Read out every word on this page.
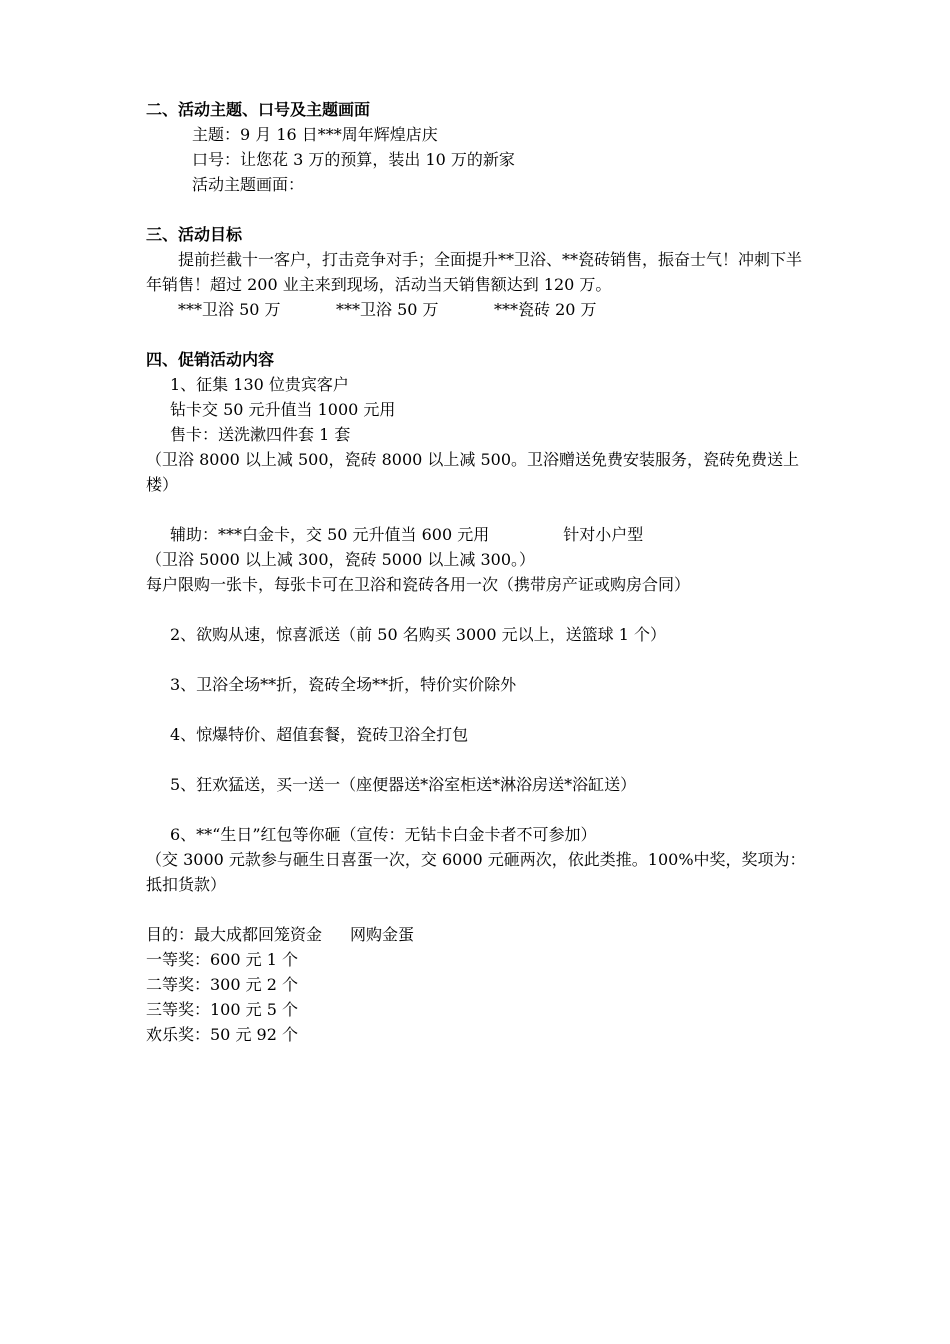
二、活动主题、口号及主题画面
主题：9 月 16 日***周年辉煌店庆
口号：让您花 3 万的预算，装出 10 万的新家
活动主题画面：
三、活动目标
提前拦截十一客户，打击竞争对手；全面提升**卫浴、**瓷砖销售，振奋士气！冲刺下半年销售！超过 200 业主来到现场，活动当天销售额达到 120 万。
***卫浴 50 万	***卫浴 50 万	***瓷砖 20 万
四、促销活动内容
1、征集 130 位贵宾客户
钻卡交 50 元升值当 1000 元用
售卡：送洗漱四件套 1 套
（卫浴 8000 以上减 500，瓷砖 8000 以上减 500。卫浴赠送免费安装服务，瓷砖免费送上楼）
辅助：***白金卡，交 50 元升值当 600 元用	针对小户型
（卫浴 5000 以上减 300，瓷砖 5000 以上减 300。）
每户限购一张卡，每张卡可在卫浴和瓷砖各用一次（携带房产证或购房合同）
2、欲购从速，惊喜派送（前 50 名购买 3000 元以上，送篮球 1 个）
3、卫浴全场**折，瓷砖全场**折，特价实价除外
4、惊爆特价、超值套餐，瓷砖卫浴全打包
5、狂欢猛送，买一送一（座便器送*浴室柜送*淋浴房送*浴缸送）
6、**“生日”红包等你砸（宣传：无钻卡白金卡者不可参加）
（交 3000 元款参与砸生日喜蛋一次，交 6000 元砸两次，依此类推。100%中奖，奖项为：抵扣货款）
目的：最大成都回笼资金 网购金蛋
一等奖：600 元 1 个
二等奖：300 元 2 个
三等奖：100 元 5 个
欢乐奖：50 元 92 个
